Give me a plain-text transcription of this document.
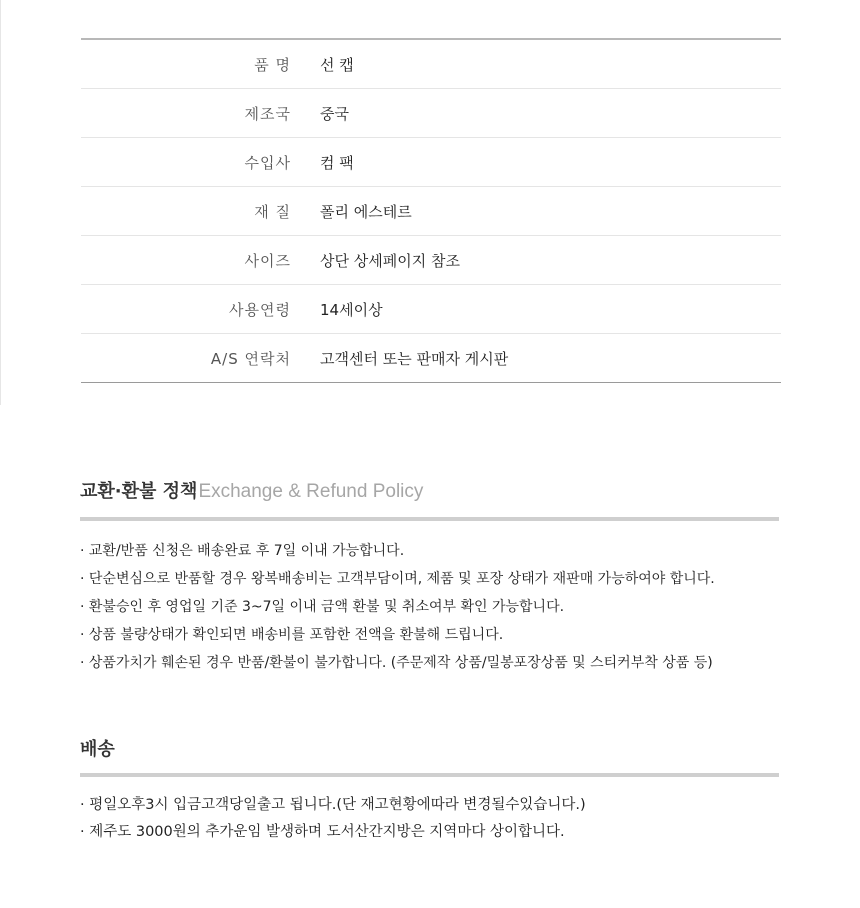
품 명 선 캡
제조국 중국
수입사 컴 팩
재 질 폴리 에스테르
사이즈 상단 상세페이지 참조
사용연령 14세이상
A/S 연락처 고객센터 또는 판매자 게시판
교환·환불 정책 Exchange & Refund Policy
· 교환/반품 신청은 배송완료 후 7일 이내 가능합니다.
· 단순변심으로 반품할 경우 왕복배송비는 고객부담이며, 제품 및 포장 상태가 재판매 가능하여야 합니다.
· 환불승인 후 영업일 기준 3~7일 이내 금액 환불 및 취소여부 확인 가능합니다.
· 상품 불량상태가 확인되면 배송비를 포함한 전액을 환불해 드립니다.
· 상품가치가 훼손된 경우 반품/환불이 불가합니다. (주문제작 상품/밀봉포장상품 및 스티커부착 상품 등)
배송
· 평일오후3시 입금고객당일출고 됩니다.(단 재고현황에따라 변경될수있습니다.)
· 제주도 3000원의 추가운임 발생하며 도서산간지방은 지역마다 상이합니다.
